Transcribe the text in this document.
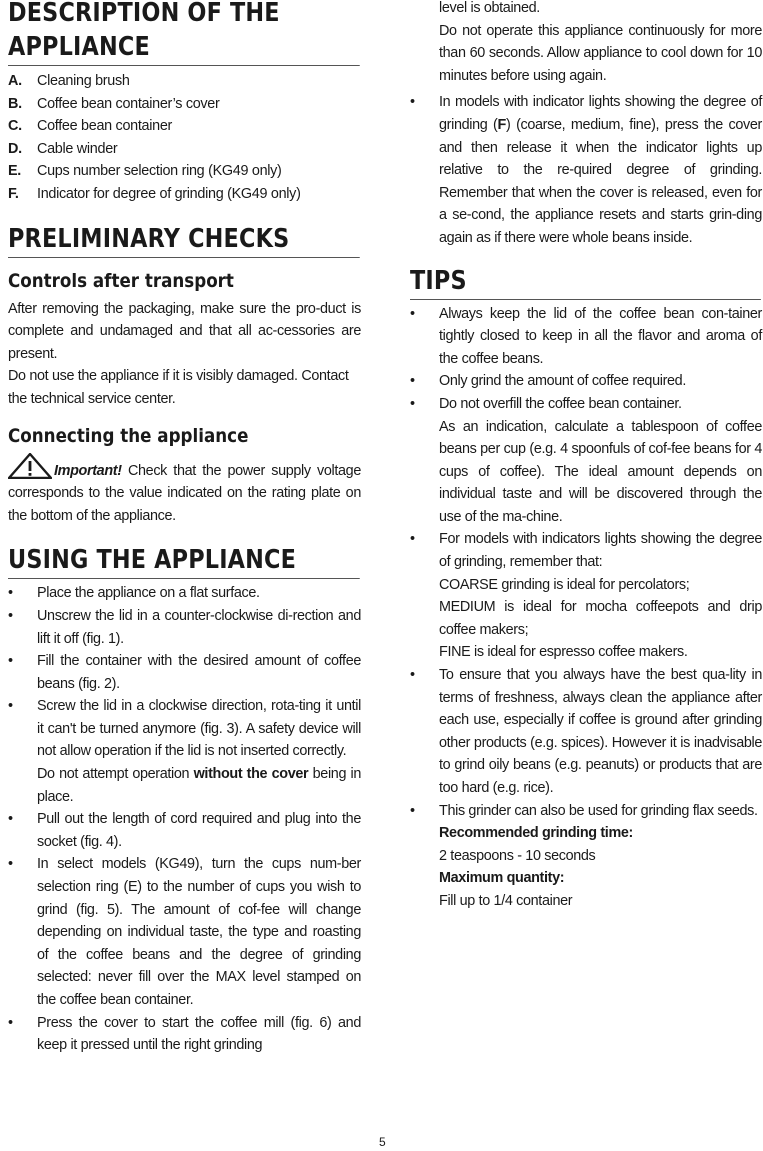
DESCRIPTION OF THE APPLIANCE
A.	Cleaning brush
B.	Coffee bean container’s cover
C.	Coffee bean container
D.	Cable winder
E.	Cups number selection ring (KG49 only)
F.	Indicator for degree of grinding (KG49 only)
PRELIMINARY CHECKS
Controls after transport

After removing the packaging, make sure the pro-duct is complete and undamaged and that all ac-cessories are present.

Do not use the appliance if it is visibly damaged. Contact the technical service center.

Connecting the appliance

Important! Check that the power supply voltage corresponds to the value indicated on the rating plate on the bottom of the appliance.

USING THE APPLIANCE
•	Place the appliance on a flat surface.
•	Unscrew the lid in a counter-clockwise di-rection and lift it off (fig. 1).
•	Fill the container with the desired amount of coffee beans (fig. 2).
•	Screw the lid in a clockwise direction, rota-ting it until it can't be turned anymore (fig. 3). A safety device will not allow operation if the lid is not inserted correctly.

Do not attempt operation without the cover being in place.

•	Pull out the length of cord required and plug into the socket (fig. 4).
•	In select models (KG49), turn the cups num-ber selection ring (E) to the number of cups you wish to grind (fig. 5). The amount of cof-fee will change depending on individual taste, the type and roasting of the coffee beans and the degree of grinding selected: never fill over the MAX level stamped on the coffee bean container.
•	Press the cover to start the coffee mill (fig. 6) and keep it pressed until the right grinding

level is obtained.

Do not operate this appliance continuously for more than 60 seconds. Allow appliance to cool down for 10 minutes before using again.

•	In models with indicator lights showing the degree of grinding (F) (coarse, medium, fine), press the cover and then release it when the indicator lights up relative to the re-quired degree of grinding. Remember that when the cover is released, even for a se-cond, the appliance resets and starts grin-ding again as if there were whole beans inside.
TIPS
•	Always keep the lid of the coffee bean con-tainer tightly closed to keep in all the flavor and aroma of the coffee beans.
•	Only grind the amount of coffee required.
•	Do not overfill the coffee bean container.

As an indication, calculate a tablespoon of coffee beans per cup (e.g. 4 spoonfuls of cof-fee beans for 4 cups of coffee). The ideal amount depends on individual taste and will be discovered through the use of the ma-chine.

•	For models with indicators lights showing the degree of grinding, remember that:

COARSE grinding is ideal for percolators;

MEDIUM is ideal for mocha coffeepots and drip coffee makers;

FINE is ideal for espresso coffee makers.

•	To ensure that you always have the best qua-lity in terms of freshness, always clean the appliance after each use, especially if coffee is ground after grinding other products (e.g. spices). However it is inadvisable to grind oily beans (e.g. peanuts) or products that are too hard (e.g. rice).
•	This grinder can also be used for grinding flax seeds.

Recommended grinding time:

2 teaspoons - 10 seconds

Maximum quantity:

Fill up to 1/4 container

5
